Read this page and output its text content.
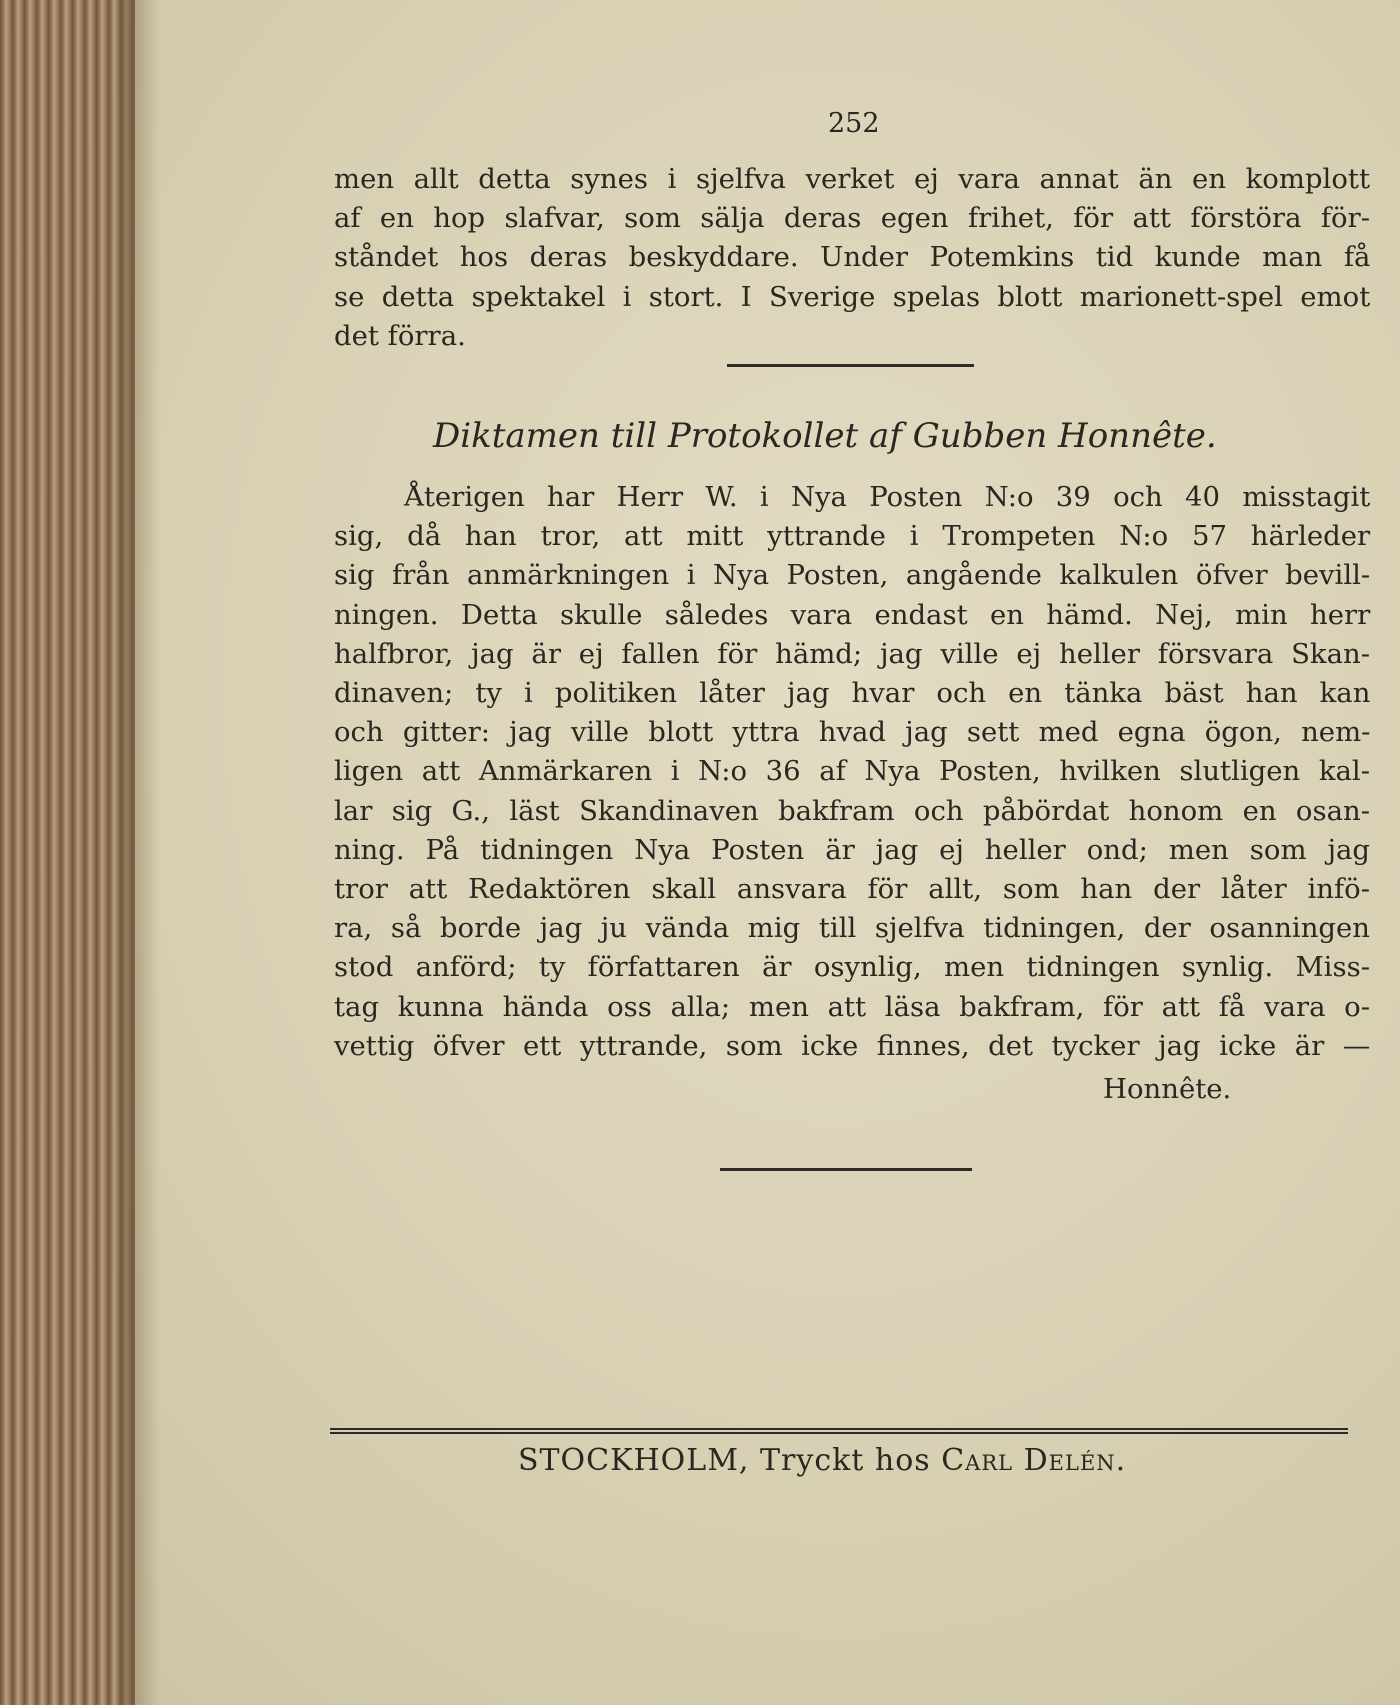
252
men allt detta synes i sjelfva verket ej vara annat än en komplott
af en hop slafvar, som sälja deras egen frihet, för att förstöra för-
ståndet hos deras beskyddare. Under Potemkins tid kunde man få
se detta spektakel i stort. I Sverige spelas blott marionett-spel emot
det förra.
Diktamen till Protokollet af Gubben Honnête.
Återigen har Herr W. i Nya Posten N:o 39 och 40 misstagit
sig, då han tror, att mitt yttrande i Trompeten N:o 57 härleder
sig från anmärkningen i Nya Posten, angående kalkulen öfver bevill-
ningen. Detta skulle således vara endast en hämd. Nej, min herr
halfbror, jag är ej fallen för hämd; jag ville ej heller försvara Skan-
dinaven; ty i politiken låter jag hvar och en tänka bäst han kan
och gitter: jag ville blott yttra hvad jag sett med egna ögon, nem-
ligen att Anmärkaren i N:o 36 af Nya Posten, hvilken slutligen kal-
lar sig G., läst Skandinaven bakfram och påbördat honom en osan-
ning. På tidningen Nya Posten är jag ej heller ond; men som jag
tror att Redaktören skall ansvara för allt, som han der låter infö-
ra, så borde jag ju vända mig till sjelfva tidningen, der osanningen
stod anförd; ty författaren är osynlig, men tidningen synlig. Miss-
tag kunna hända oss alla; men att läsa bakfram, för att få vara o-
vettig öfver ett yttrande, som icke finnes, det tycker jag icke är —
Honnête.
STOCKHOLM, Tryckt hos Carl Delén.
